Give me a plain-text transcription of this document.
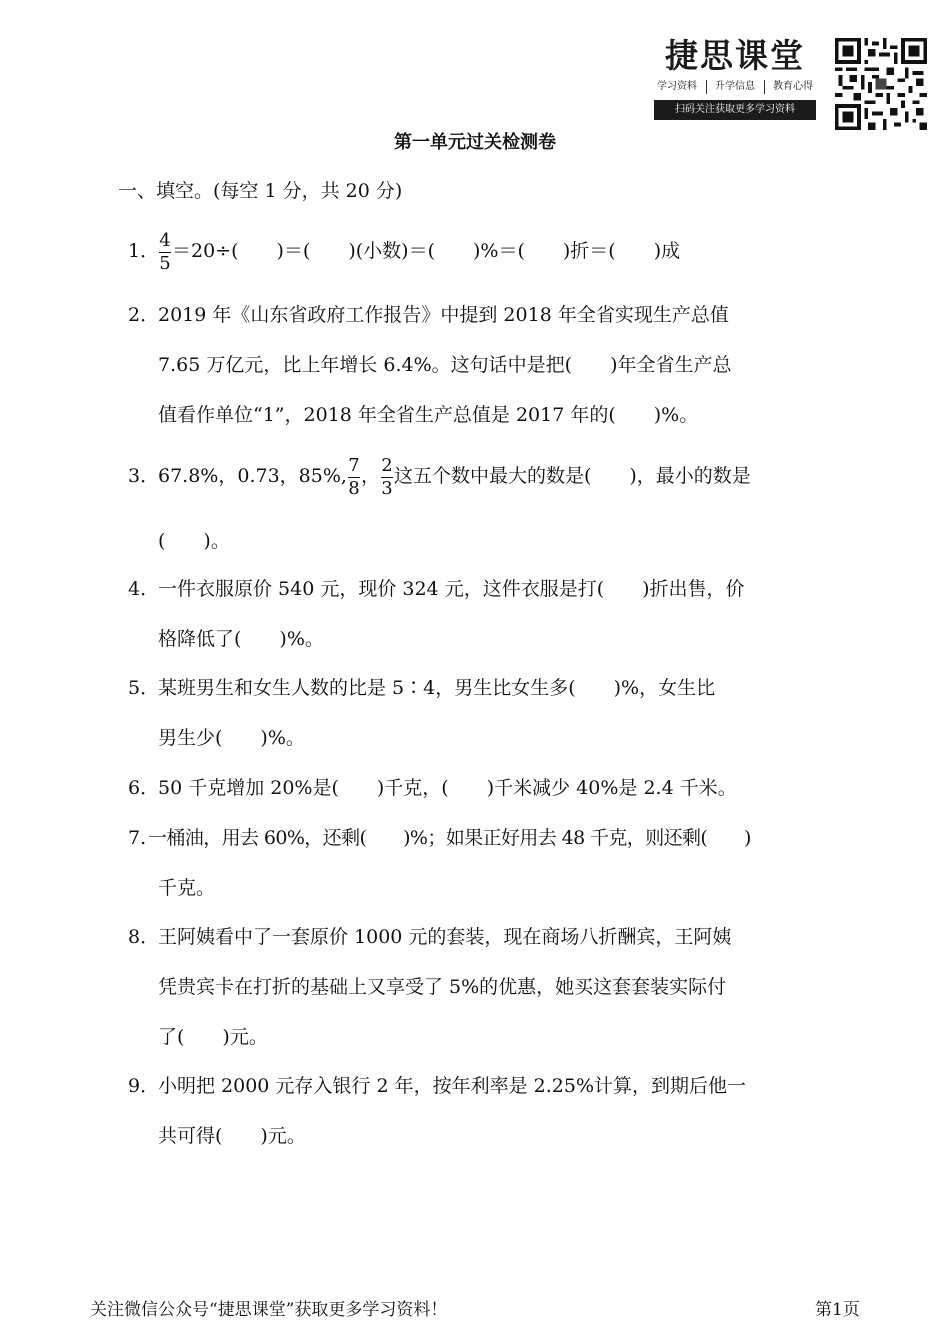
捷思课堂
学习资料	升学信息	教育心得
扫码关注获取更多学习资料
第一单元过关检测卷
一、填空。(每空 1 分，共 20 分)
1． $\frac{4}{5} =20\div$(　　)＝(　　)(小数)＝(　　)%＝(　　)折＝(　　)成
2．
2019 年《山东省政府工作报告》中提到 2018 年全省实现生产总值
7.65 万亿元，比上年增长 6.4%。这句话中是把(　　)年全省生产总
值看作单位“1”，2018 年全省生产总值是 2017 年的(　　)%。
3．
67.8%，0.73，85%, $\frac{7}{8}$ ， $\frac{2}{3}$ 这五个数中最大的数是(　　)，最小的数是
(　　)。
4．
一件衣服原价 540 元，现价 324 元，这件衣服是打(　　)折出售，价
格降低了(　　)%。
5．
某班男生和女生人数的比是 5∶4，男生比女生多(　　)%，女生比
男生少(　　)%。
6．
50 千克增加 20%是(　　)千克，(　　)千米减少 40%是 2.4 千米。
7. 一桶油，用去 60%，还剩(　　)%；如果正好用去 48 千克，则还剩(　　)
千克。
8．
王阿姨看中了一套原价 1000 元的套装，现在商场八折酬宾，王阿姨
凭贵宾卡在打折的基础上又享受了 5%的优惠，她买这套套装实际付
了(　　)元。
9．
小明把 2000 元存入银行 2 年，按年利率是 2.25%计算，到期后他一
共可得(　　)元。
关注微信公众号“捷思课堂”获取更多学习资料！	第1页
